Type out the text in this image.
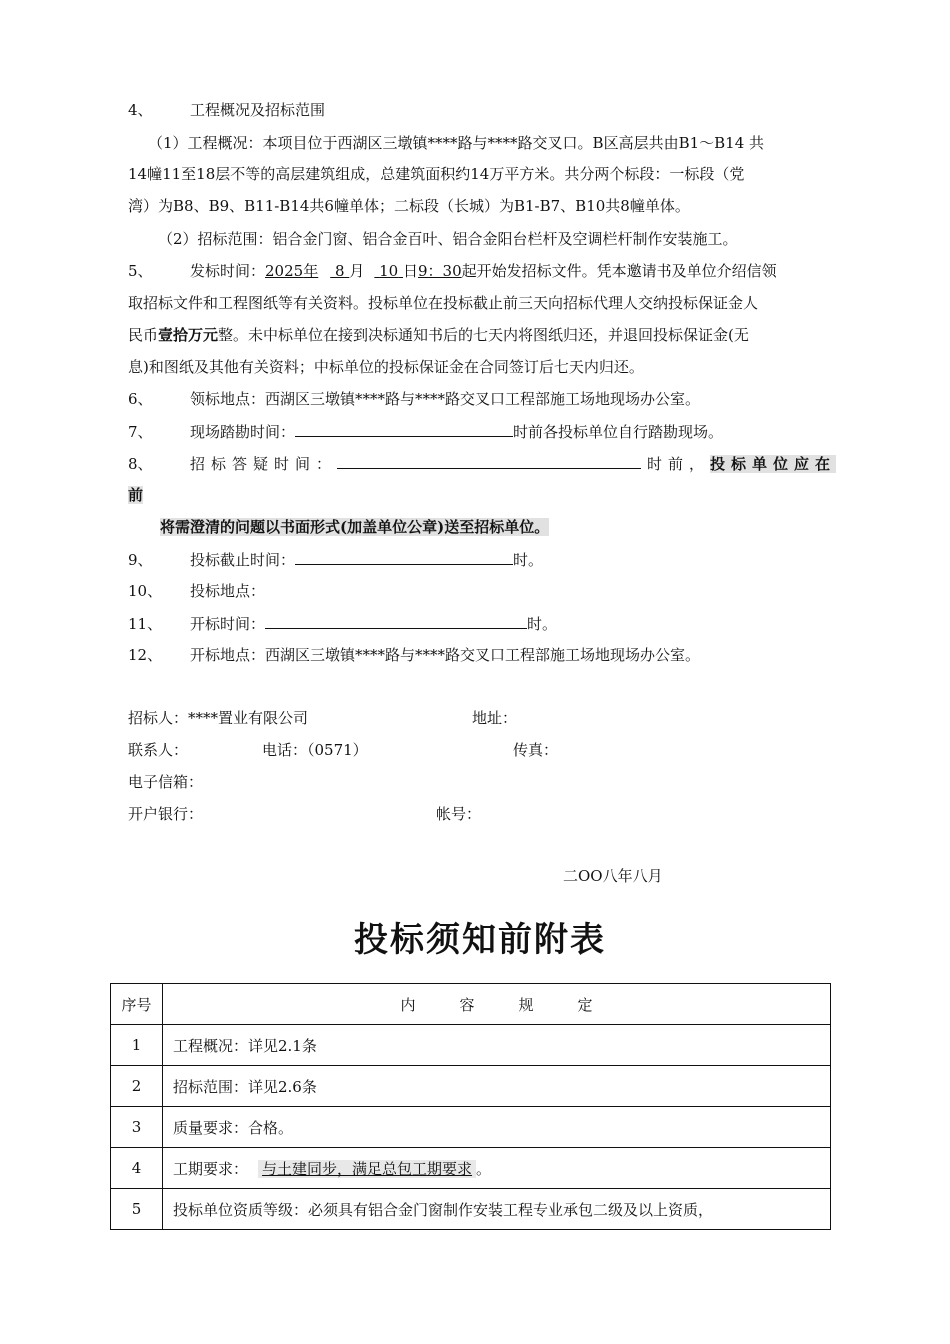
4、 工程概况及招标范围
（1）工程概况：本项目位于西湖区三墩镇****路与****路交叉口。B区高层共由B1～B14 共
14幢11至18层不等的高层建筑组成，总建筑面积约14万平方米。共分两个标段：一标段（党
湾）为B8、B9、B11-B14共6幢单体；二标段（长城）为B1-B7、B10共8幢单体。
（2）招标范围：铝合金门窗、铝合金百叶、铝合金阳台栏杆及空调栏杆制作安装施工。
5、 发标时间：2025年 8 月 10 日9：30起开始发招标文件。凭本邀请书及单位介绍信领
取招标文件和工程图纸等有关资料。投标单位在投标截止前三天向招标代理人交纳投标保证金人
民币壹拾万元整。未中标单位在接到决标通知书后的七天内将图纸归还，并退回投标保证金(无
息)和图纸及其他有关资料；中标单位的投标保证金在合同签订后七天内归还。
6、 领标地点：西湖区三墩镇****路与****路交叉口工程部施工场地现场办公室。
7、 现场踏勘时间：	时前各投标单位自行踏勘现场。
8、 招标答疑时间：	时前，投标单位应在
前
将需澄清的问题以书面形式(加盖单位公章)送至招标单位。
9、 投标截止时间：	时。
10、 投标地点：
11、 开标时间：	时。
12、 开标地点：西湖区三墩镇****路与****路交叉口工程部施工场地现场办公室。
招标人：****置业有限公司	地址：
联系人：	电话：（0571）	传真：
电子信箱：
开户银行：	帐号：
二OO八年八月
投标须知前附表
序号	内 容 规 定
1	工程概况：详见2.1条
2	招标范围：详见2.6条
3	质量要求：合格。
4	工期要求： 与土建同步，满足总包工期要求 。
5	投标单位资质等级：必须具有铝合金门窗制作安装工程专业承包二级及以上资质，
